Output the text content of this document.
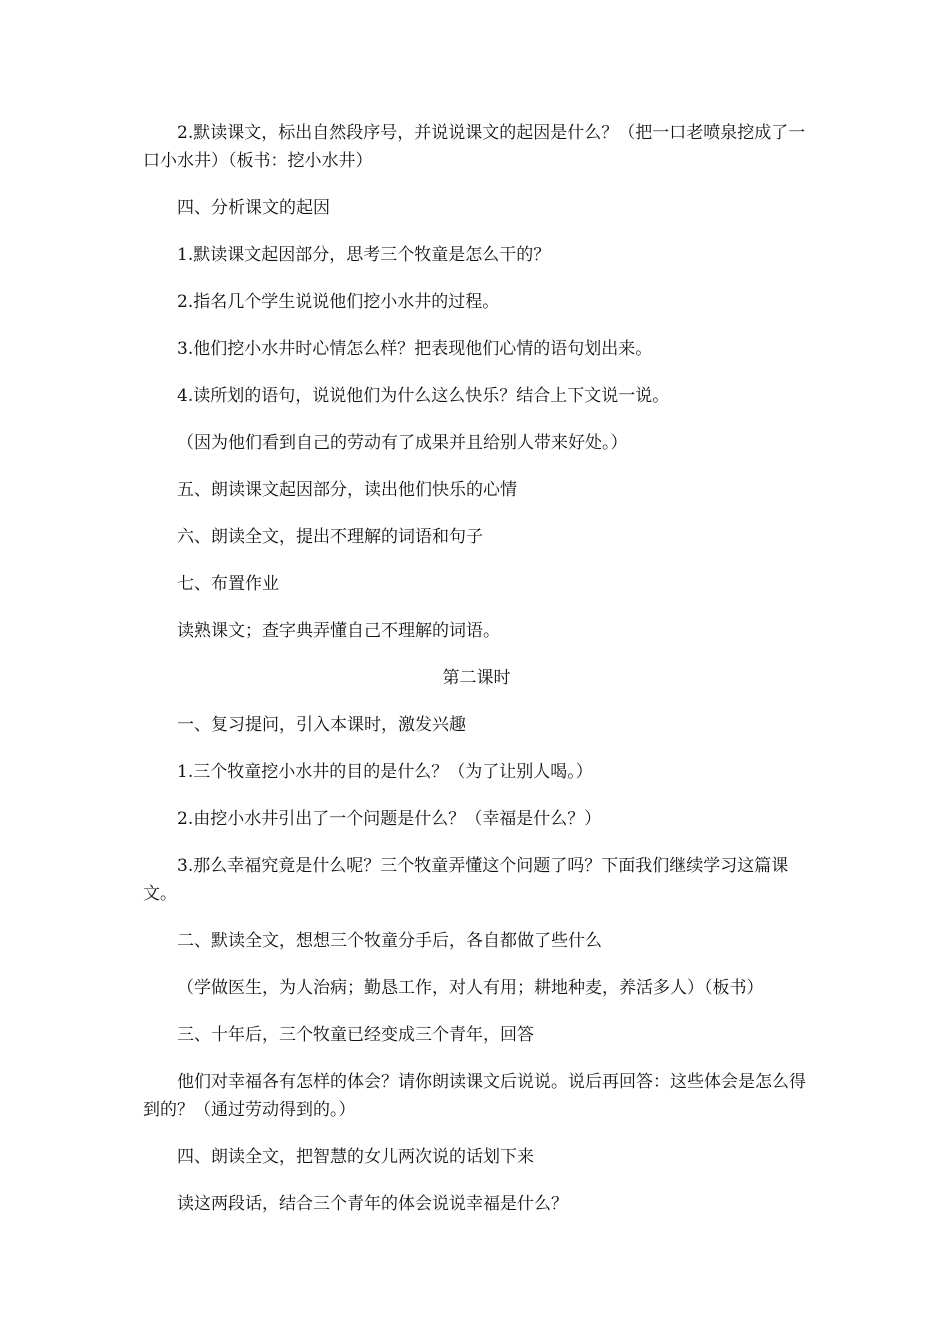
2.默读课文，标出自然段序号，并说说课文的起因是什么？（把一口老喷泉挖成了一口小水井）（板书：挖小水井）

四、分析课文的起因

1.默读课文起因部分，思考三个牧童是怎么干的？

2.指名几个学生说说他们挖小水井的过程。

3.他们挖小水井时心情怎么样？把表现他们心情的语句划出来。

4.读所划的语句，说说他们为什么这么快乐？结合上下文说一说。

（因为他们看到自己的劳动有了成果并且给别人带来好处。）

五、朗读课文起因部分，读出他们快乐的心情

六、朗读全文，提出不理解的词语和句子

七、布置作业

读熟课文；查字典弄懂自己不理解的词语。

第二课时

一、复习提问，引入本课时，激发兴趣

1.三个牧童挖小水井的目的是什么？（为了让别人喝。）

2.由挖小水井引出了一个问题是什么？（幸福是什么？）

3.那么幸福究竟是什么呢？三个牧童弄懂这个问题了吗？下面我们继续学习这篇课文。

二、默读全文，想想三个牧童分手后，各自都做了些什么

（学做医生，为人治病；勤恳工作，对人有用；耕地种麦，养活多人）（板书）

三、十年后，三个牧童已经变成三个青年，回答

他们对幸福各有怎样的体会？请你朗读课文后说说。说后再回答：这些体会是怎么得到的？（通过劳动得到的。）

四、朗读全文，把智慧的女儿两次说的话划下来

读这两段话，结合三个青年的体会说说幸福是什么？
